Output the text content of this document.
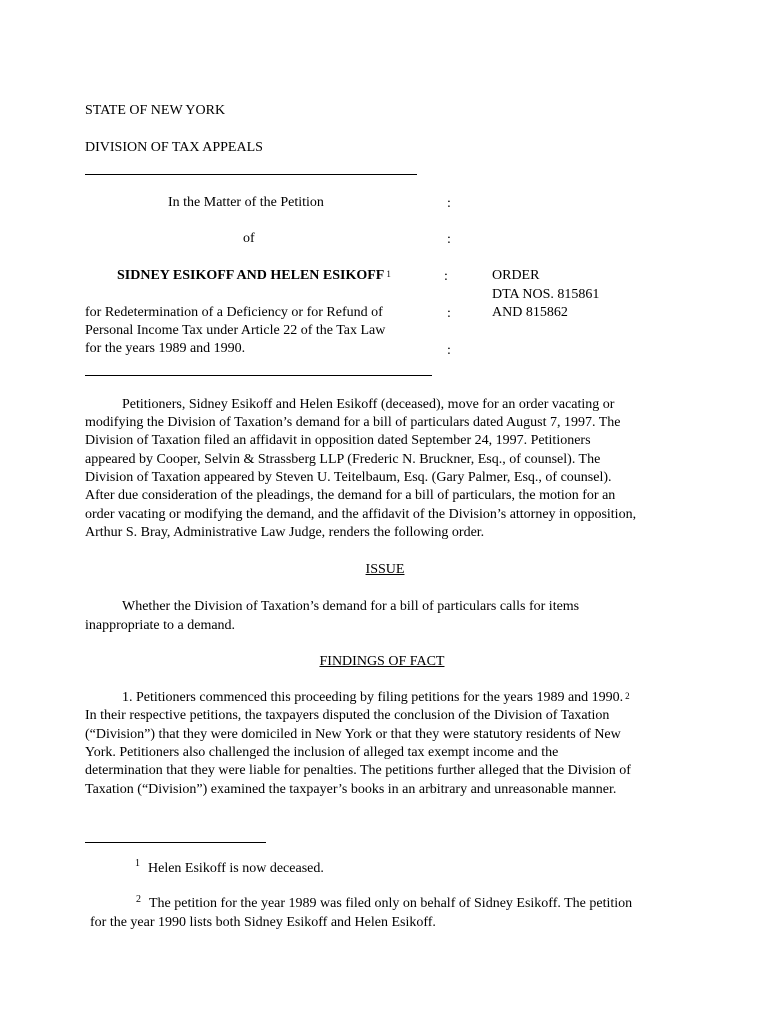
STATE OF NEW YORK
DIVISION OF TAX APPEALS
In the Matter of the Petition
of
SIDNEY ESIKOFF AND HELEN ESIKOFF $^1$
for Redetermination of a Deficiency or for Refund of
Personal Income Tax under Article 22 of the Tax Law
for the years 1989 and 1990.
:
:
:
:
:
ORDER
DTA NOS. 815861
AND 815862
Petitioners, Sidney Esikoff and Helen Esikoff (deceased), move for an order vacating or
modifying the Division of Taxation’s demand for a bill of particulars dated August 7, 1997. The
Division of Taxation filed an affidavit in opposition dated September 24, 1997. Petitioners
appeared by Cooper, Selvin & Strassberg LLP (Frederic N. Bruckner, Esq., of counsel). The
Division of Taxation appeared by Steven U. Teitelbaum, Esq. (Gary Palmer, Esq., of counsel).
After due consideration of the pleadings, the demand for a bill of particulars, the motion for an
order vacating or modifying the demand, and the affidavit of the Division’s attorney in opposition,
Arthur S. Bray, Administrative Law Judge, renders the following order.
ISSUE
Whether the Division of Taxation’s demand for a bill of particulars calls for items
inappropriate to a demand.
FINDINGS OF FACT
1. Petitioners commenced this proceeding by filing petitions for the years 1989 and 1990. $^2$
In their respective petitions, the taxpayers disputed the conclusion of the Division of Taxation
(“Division”) that they were domiciled in New York or that they were statutory residents of New
York. Petitioners also challenged the inclusion of alleged tax exempt income and the
determination that they were liable for penalties. The petitions further alleged that the Division of
Taxation (“Division”) examined the taxpayer’s books in an arbitrary and unreasonable manner.
1 Helen Esikoff is now deceased.
2 The petition for the year 1989 was filed only on behalf of Sidney Esikoff. The petition
for the year 1990 lists both Sidney Esikoff and Helen Esikoff.
